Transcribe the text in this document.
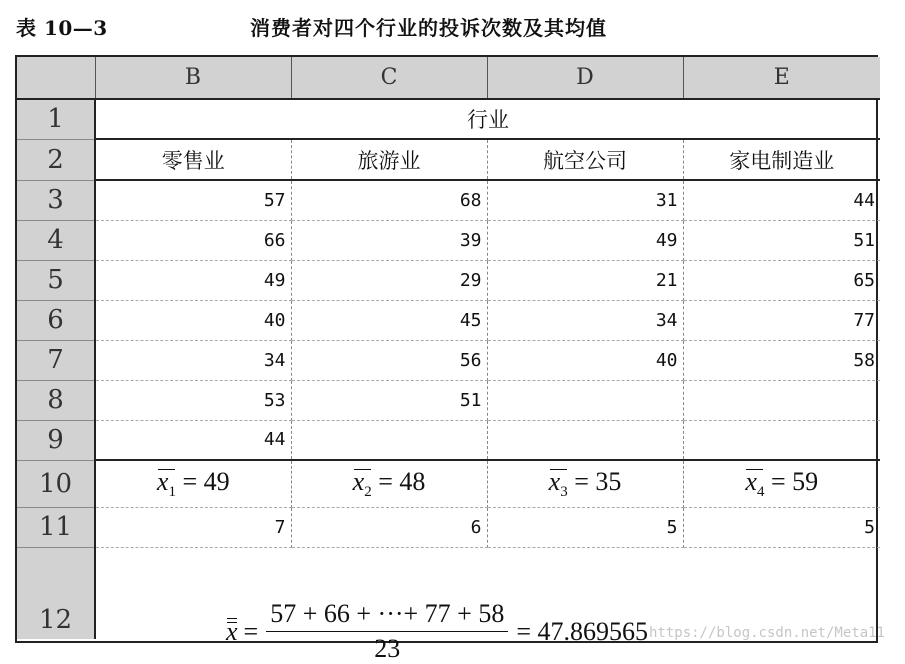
表 10—3	消费者对四个行业的投诉次数及其均值
	B	C	D	E
1	行业			
2	零售业	旅游业	航空公司	家电制造业
3	57	68	31	44
4	66	39	49	51
5	49	29	21	65
6	40	45	34	77
7	34	56	40	58
8	53	51		
9	44			
10	$x_1 = 49$	$x_2 = 48$	$x_3 = 35$	$x_4 = 59$
11	7	6	5	5
12	$x = \frac{57 + 66 + \cdot\cdot\cdot+ 77 + 58}{23} = 47.869565$			https://blog.csdn.net/Meta11
